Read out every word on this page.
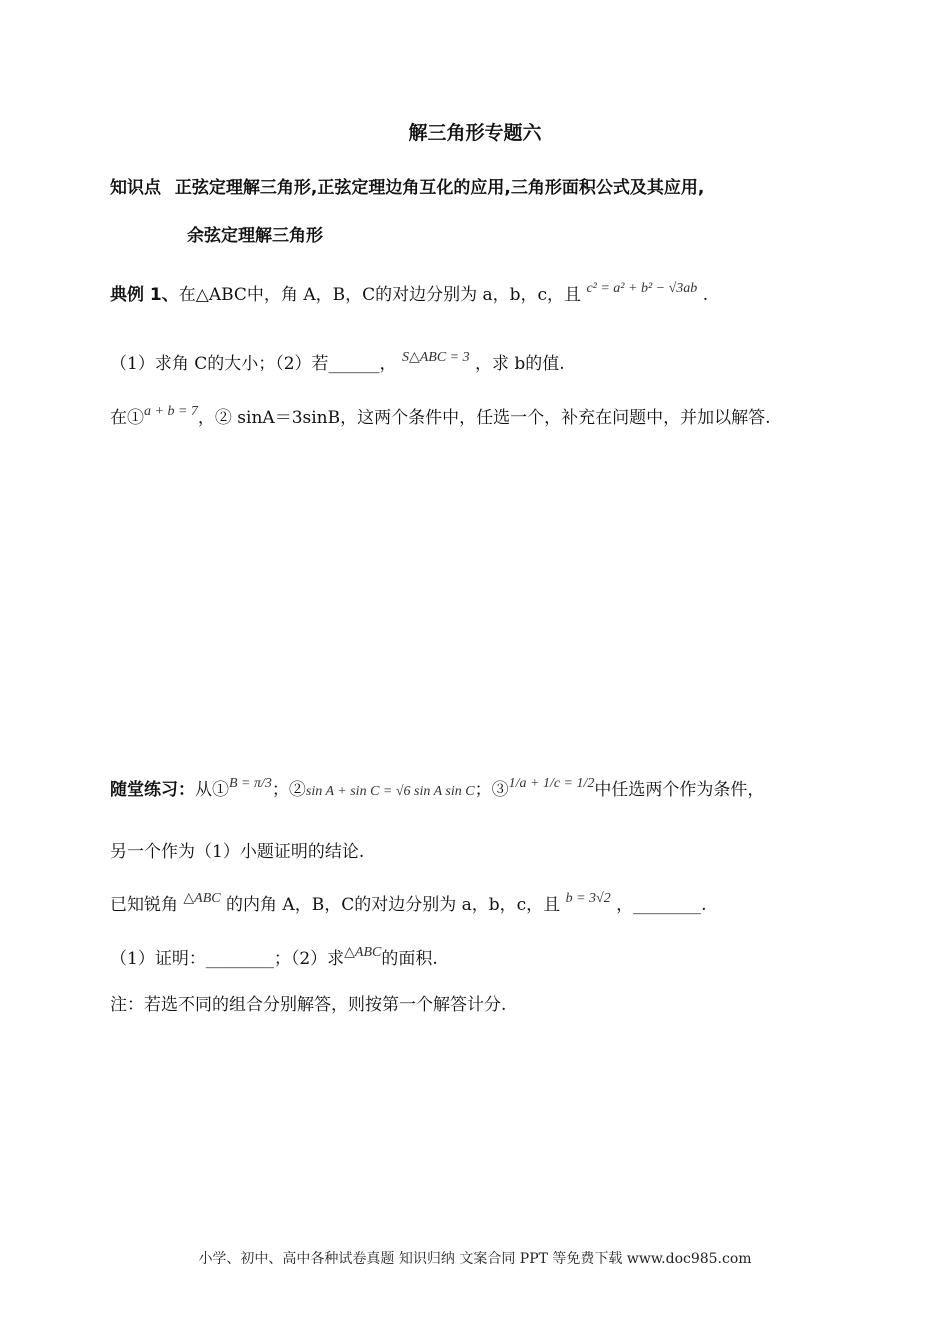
解三角形专题六
知识点 正弦定理解三角形,正弦定理边角互化的应用,三角形面积公式及其应用,
余弦定理解三角形
典例 1、在△ABC中，角 A，B，C的对边分别为 a，b，c，且 $^{c^2 = a^2 + b^2 - √3ab}$ .
（1）求角 C的大小；（2）若______， $^{S\triangle ABC = 3}$ ，求 b的值.
在①$^{a + b = 7}$，② sinA＝3sinB，这两个条件中，任选一个，补充在问题中，并加以解答.
随堂练习：从①$^{B = \pi/3}$；②sin A + sin C = √6 sin A sin C；③$^{1/a + 1/c = 1/2}$中任选两个作为条件，
另一个作为（1）小题证明的结论.
已知锐角 $^{\triangle ABC}$ 的内角 A，B，C的对边分别为 a，b，c，且 $^{b = 3√2}$ ，________.
（1）证明：________；（2）求$^{\triangle ABC}$的面积.
注：若选不同的组合分别解答，则按第一个解答计分.
小学、初中、高中各种试卷真题 知识归纳 文案合同 PPT 等免费下载 www.doc985.com
